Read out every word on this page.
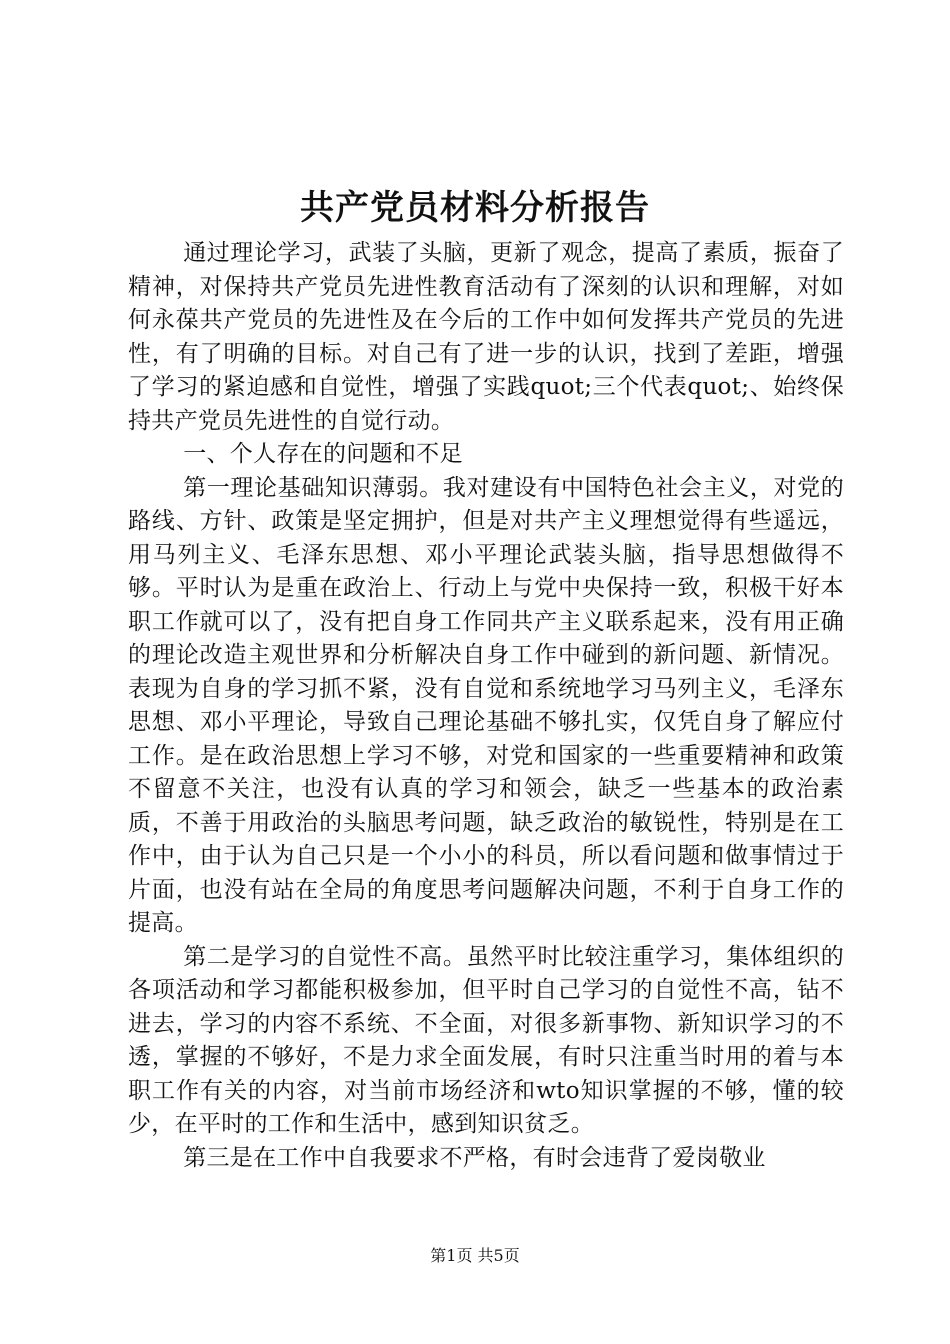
共产党员材料分析报告

通过理论学习，武装了头脑，更新了观念，提高了素质，振奋了精神，对保持共产党员先进性教育活动有了深刻的认识和理解，对如何永葆共产党员的先进性及在今后的工作中如何发挥共产党员的先进性，有了明确的目标。对自己有了进一步的认识，找到了差距，增强了学习的紧迫感和自觉性，增强了实践quot;三个代表quot;、始终保持共产党员先进性的自觉行动。

一、个人存在的问题和不足

第一理论基础知识薄弱。我对建设有中国特色社会主义，对党的路线、方针、政策是坚定拥护，但是对共产主义理想觉得有些遥远，用马列主义、毛泽东思想、邓小平理论武装头脑，指导思想做得不够。平时认为是重在政治上、行动上与党中央保持一致，积极干好本职工作就可以了，没有把自身工作同共产主义联系起来，没有用正确的理论改造主观世界和分析解决自身工作中碰到的新问题、新情况。表现为自身的学习抓不紧，没有自觉和系统地学习马列主义，毛泽东思想、邓小平理论，导致自己理论基础不够扎实，仅凭自身了解应付工作。是在政治思想上学习不够，对党和国家的一些重要精神和政策不留意不关注，也没有认真的学习和领会，缺乏一些基本的政治素质，不善于用政治的头脑思考问题，缺乏政治的敏锐性，特别是在工作中，由于认为自己只是一个小小的科员，所以看问题和做事情过于片面，也没有站在全局的角度思考问题解决问题，不利于自身工作的提高。

第二是学习的自觉性不高。虽然平时比较注重学习，集体组织的各项活动和学习都能积极参加，但平时自己学习的自觉性不高，钻不进去，学习的内容不系统、不全面，对很多新事物、新知识学习的不透，掌握的不够好，不是力求全面发展，有时只注重当时用的着与本职工作有关的内容，对当前市场经济和wto知识掌握的不够，懂的较少，在平时的工作和生活中，感到知识贫乏。

第三是在工作中自我要求不严格，有时会违背了爱岗敬业

第1页 共5页
